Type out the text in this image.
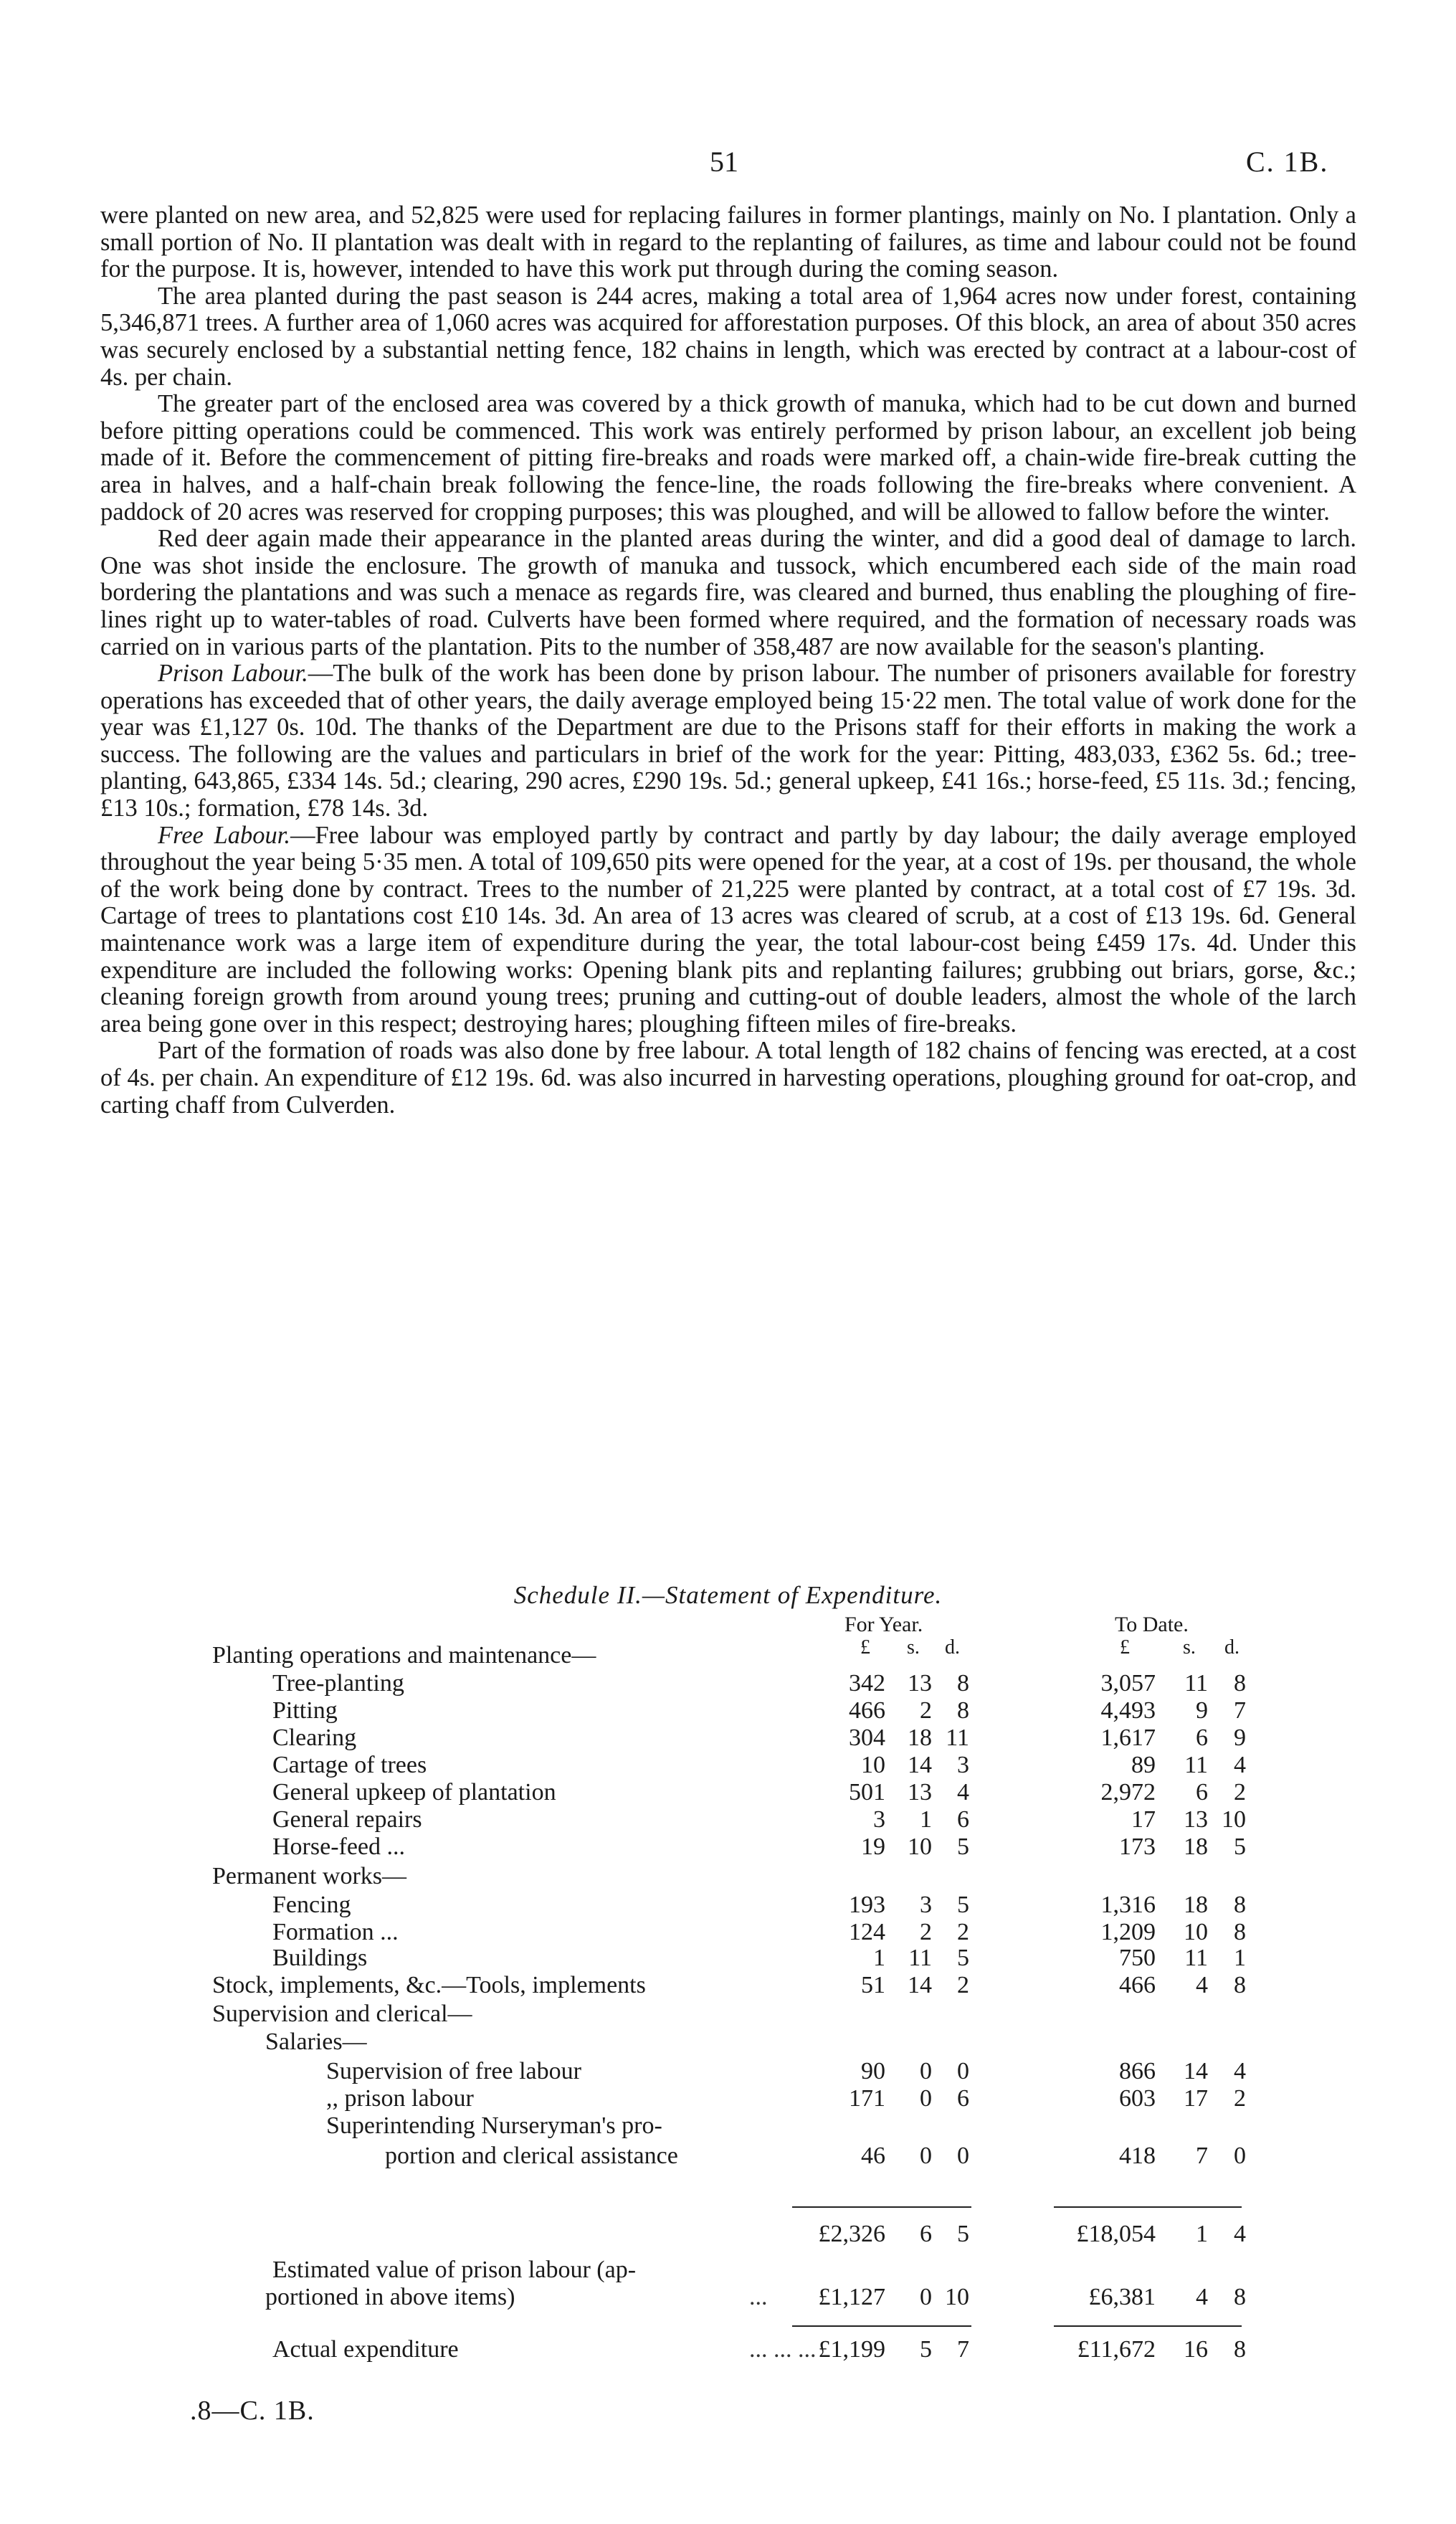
51	C. 1B.

were planted on new area, and 52,825 were used for replacing failures in former plantings, mainly on No. I plantation. Only a small portion of No. II plantation was dealt with in regard to the replanting of failures, as time and labour could not be found for the purpose. It is, however, intended to have this work put through during the coming season.

The area planted during the past season is 244 acres, making a total area of 1,964 acres now under forest, containing 5,346,871 trees. A further area of 1,060 acres was acquired for afforestation purposes. Of this block, an area of about 350 acres was securely enclosed by a substantial netting fence, 182 chains in length, which was erected by contract at a labour-cost of 4s. per chain.

The greater part of the enclosed area was covered by a thick growth of manuka, which had to be cut down and burned before pitting operations could be commenced. This work was entirely performed by prison labour, an excellent job being made of it. Before the commencement of pitting fire-breaks and roads were marked off, a chain-wide fire-break cutting the area in halves, and a half-chain break following the fence-line, the roads following the fire-breaks where convenient. A paddock of 20 acres was reserved for cropping purposes; this was ploughed, and will be allowed to fallow before the winter.

Red deer again made their appearance in the planted areas during the winter, and did a good deal of damage to larch. One was shot inside the enclosure. The growth of manuka and tussock, which encumbered each side of the main road bordering the plantations and was such a menace as regards fire, was cleared and burned, thus enabling the ploughing of fire-lines right up to water-tables of road. Culverts have been formed where required, and the formation of necessary roads was carried on in various parts of the plantation. Pits to the number of 358,487 are now available for the season's planting.

Prison Labour.—The bulk of the work has been done by prison labour. The number of prisoners available for forestry operations has exceeded that of other years, the daily average employed being 15·22 men. The total value of work done for the year was £1,127 0s. 10d. The thanks of the Department are due to the Prisons staff for their efforts in making the work a success. The following are the values and particulars in brief of the work for the year: Pitting, 483,033, £362 5s. 6d.; tree-planting, 643,865, £334 14s. 5d.; clearing, 290 acres, £290 19s. 5d.; general upkeep, £41 16s.; horse-feed, £5 11s. 3d.; fencing, £13 10s.; formation, £78 14s. 3d.

Free Labour.—Free labour was employed partly by contract and partly by day labour; the daily average employed throughout the year being 5·35 men. A total of 109,650 pits were opened for the year, at a cost of 19s. per thousand, the whole of the work being done by contract. Trees to the number of 21,225 were planted by contract, at a total cost of £7 19s. 3d. Cartage of trees to plantations cost £10 14s. 3d. An area of 13 acres was cleared of scrub, at a cost of £13 19s. 6d. General maintenance work was a large item of expenditure during the year, the total labour-cost being £459 17s. 4d. Under this expenditure are included the following works: Opening blank pits and replanting failures; grubbing out briars, gorse, &c.; cleaning foreign growth from around young trees; pruning and cutting-out of double leaders, almost the whole of the larch area being gone over in this respect; destroying hares; ploughing fifteen miles of fire-breaks.

Part of the formation of roads was also done by free labour. A total length of 182 chains of fencing was erected, at a cost of 4s. per chain. An expenditure of £12 19s. 6d. was also incurred in harvesting operations, ploughing ground for oat-crop, and carting chaff from Culverden.

Schedule II.—Statement of Expenditure.
For Year.	To Date.
£ s. d.	£	s. d.
Planting operations and maintenance—
Tree-planting	342 13 8	3,057 11 8
Pitting	466 2 8	4,493 9 7
Clearing	304 18 11	1,617 6 9
Cartage of trees	10 14 3	89 11 4
General upkeep of plantation	501 13 4	2,972 6 2
General repairs	3 1 6	17 13 10
Horse-feed ...	19 10 5	173 18 5
Permanent works—
Fencing	193 3 5	1,316 18 8
Formation ...	124 2 2	1,209 10 8
Buildings	1 11 5	750 11 1
Stock, implements, &c.—Tools, implements	51 14 2	466 4 8
Supervision and clerical—
Salaries—
Supervision of free labour	90 0 0	866 14 4
,, prison labour	171 0 6	603 17 2
Superintending Nurseryman's pro-
portion and clerical assistance	46 0 0	418 7 0
£2,326 6 5	£18,054 1 4
Estimated value of prison labour (ap-
portioned in above items)	... £1,127 0 10	£6,381 4 8
Actual expenditure	... ... ... £1,199 5 7	£11,672 16 8
.8—C. 1B.
